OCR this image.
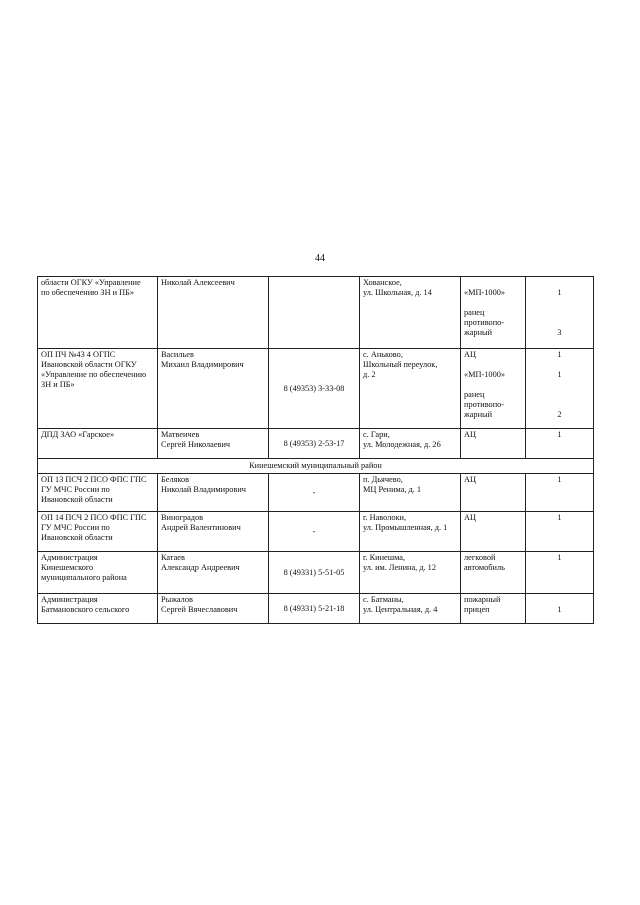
44
области ОГКУ «Управление
по обеспечению ЗН и ПБ»	Николай Алексеевич		Хованское,
ул. Школьная, д. 14	«МП-1000»

ранец
противопо-
жарный	1

3

ОП ПЧ №43 4 ОГПС
Ивановской области ОГКУ
«Управление по обеспечению
ЗН и ПБ»	Васильев
Михаил Владимирович	8 (49353) 3-33-08	с. Аньково,
Школьный переулок,
д. 2	АЦ

«МП-1000»

ранец
противопо-
жарный	1

1

2

ДПД ЗАО «Гарское»	Матвеичев
Сергей Николаевич	8 (49353) 2-53-17	с. Гари,
ул. Молодежная, д. 26	АЦ	1

Кинешемский муниципальный район					

ОП 13 ПСЧ 2 ПСО ФПС ГПС
ГУ МЧС России по
Ивановской области	Беляков
Николай Владимирович	-	п. Дьячево,
МЦ Ренима, д. 1	АЦ	1

ОП 14 ПСЧ 2 ПСО ФПС ГПС
ГУ МЧС России по
Ивановской области	Виноградов
Андрей Валентинович	-	г. Наволоки,
ул. Промышленная, д. 1	АЦ	1

Администрация
Кинешемского
муниципального района	Катаев
Александр Андреевич	8 (49331) 5-51-05	г. Кинешма,
ул. им. Ленина, д. 12	легковой
автомобиль	1

Администрация
Батмановского сельского	Рыжалов
Сергей Вячеславович	8 (49331) 5-21-18	с. Батманы,
ул. Центральная, д. 4	пожарный
прицеп	1
